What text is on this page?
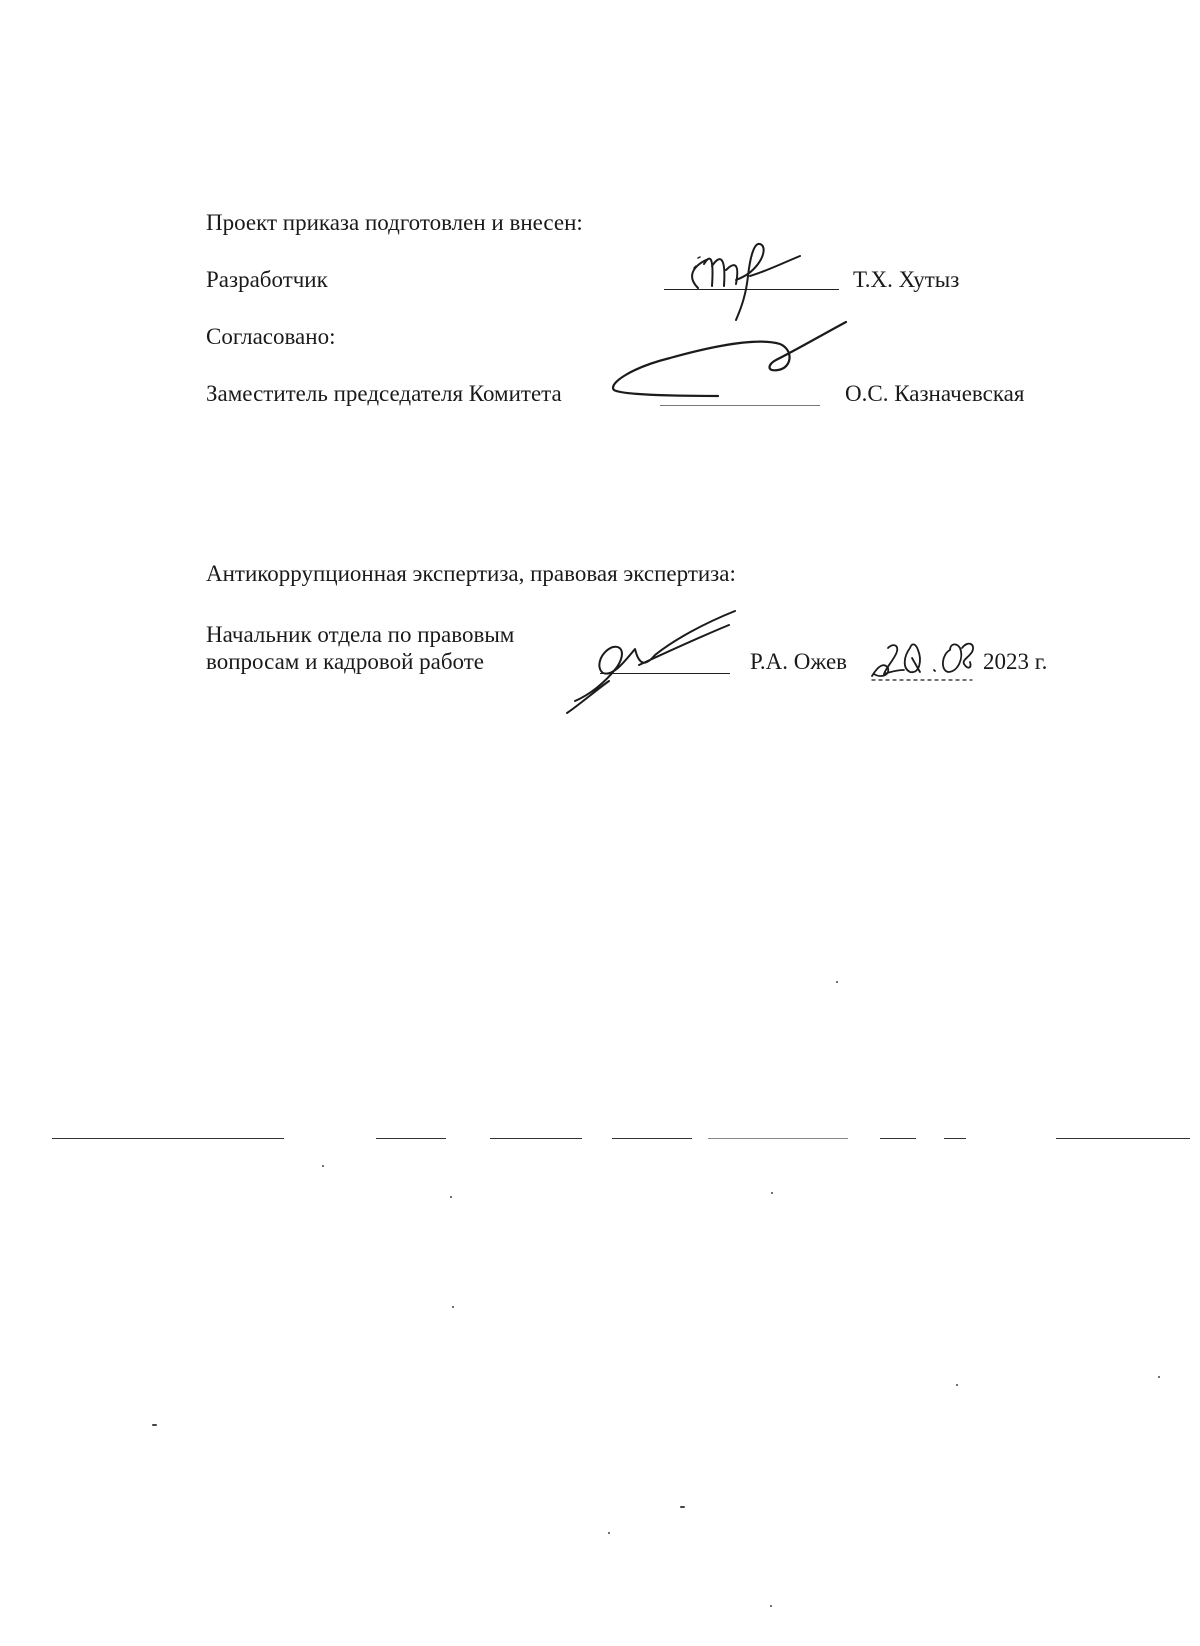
Проект приказа подготовлен и внесен:
Разработчик	Т.Х. Хутыз
Согласовано:
Заместитель председателя Комитета	О.С. Казначевская
Антикоррупционная экспертиза, правовая экспертиза:
Начальник отдела по правовым
вопросам и кадровой работе	Р.А. Ожев	2023 г.
